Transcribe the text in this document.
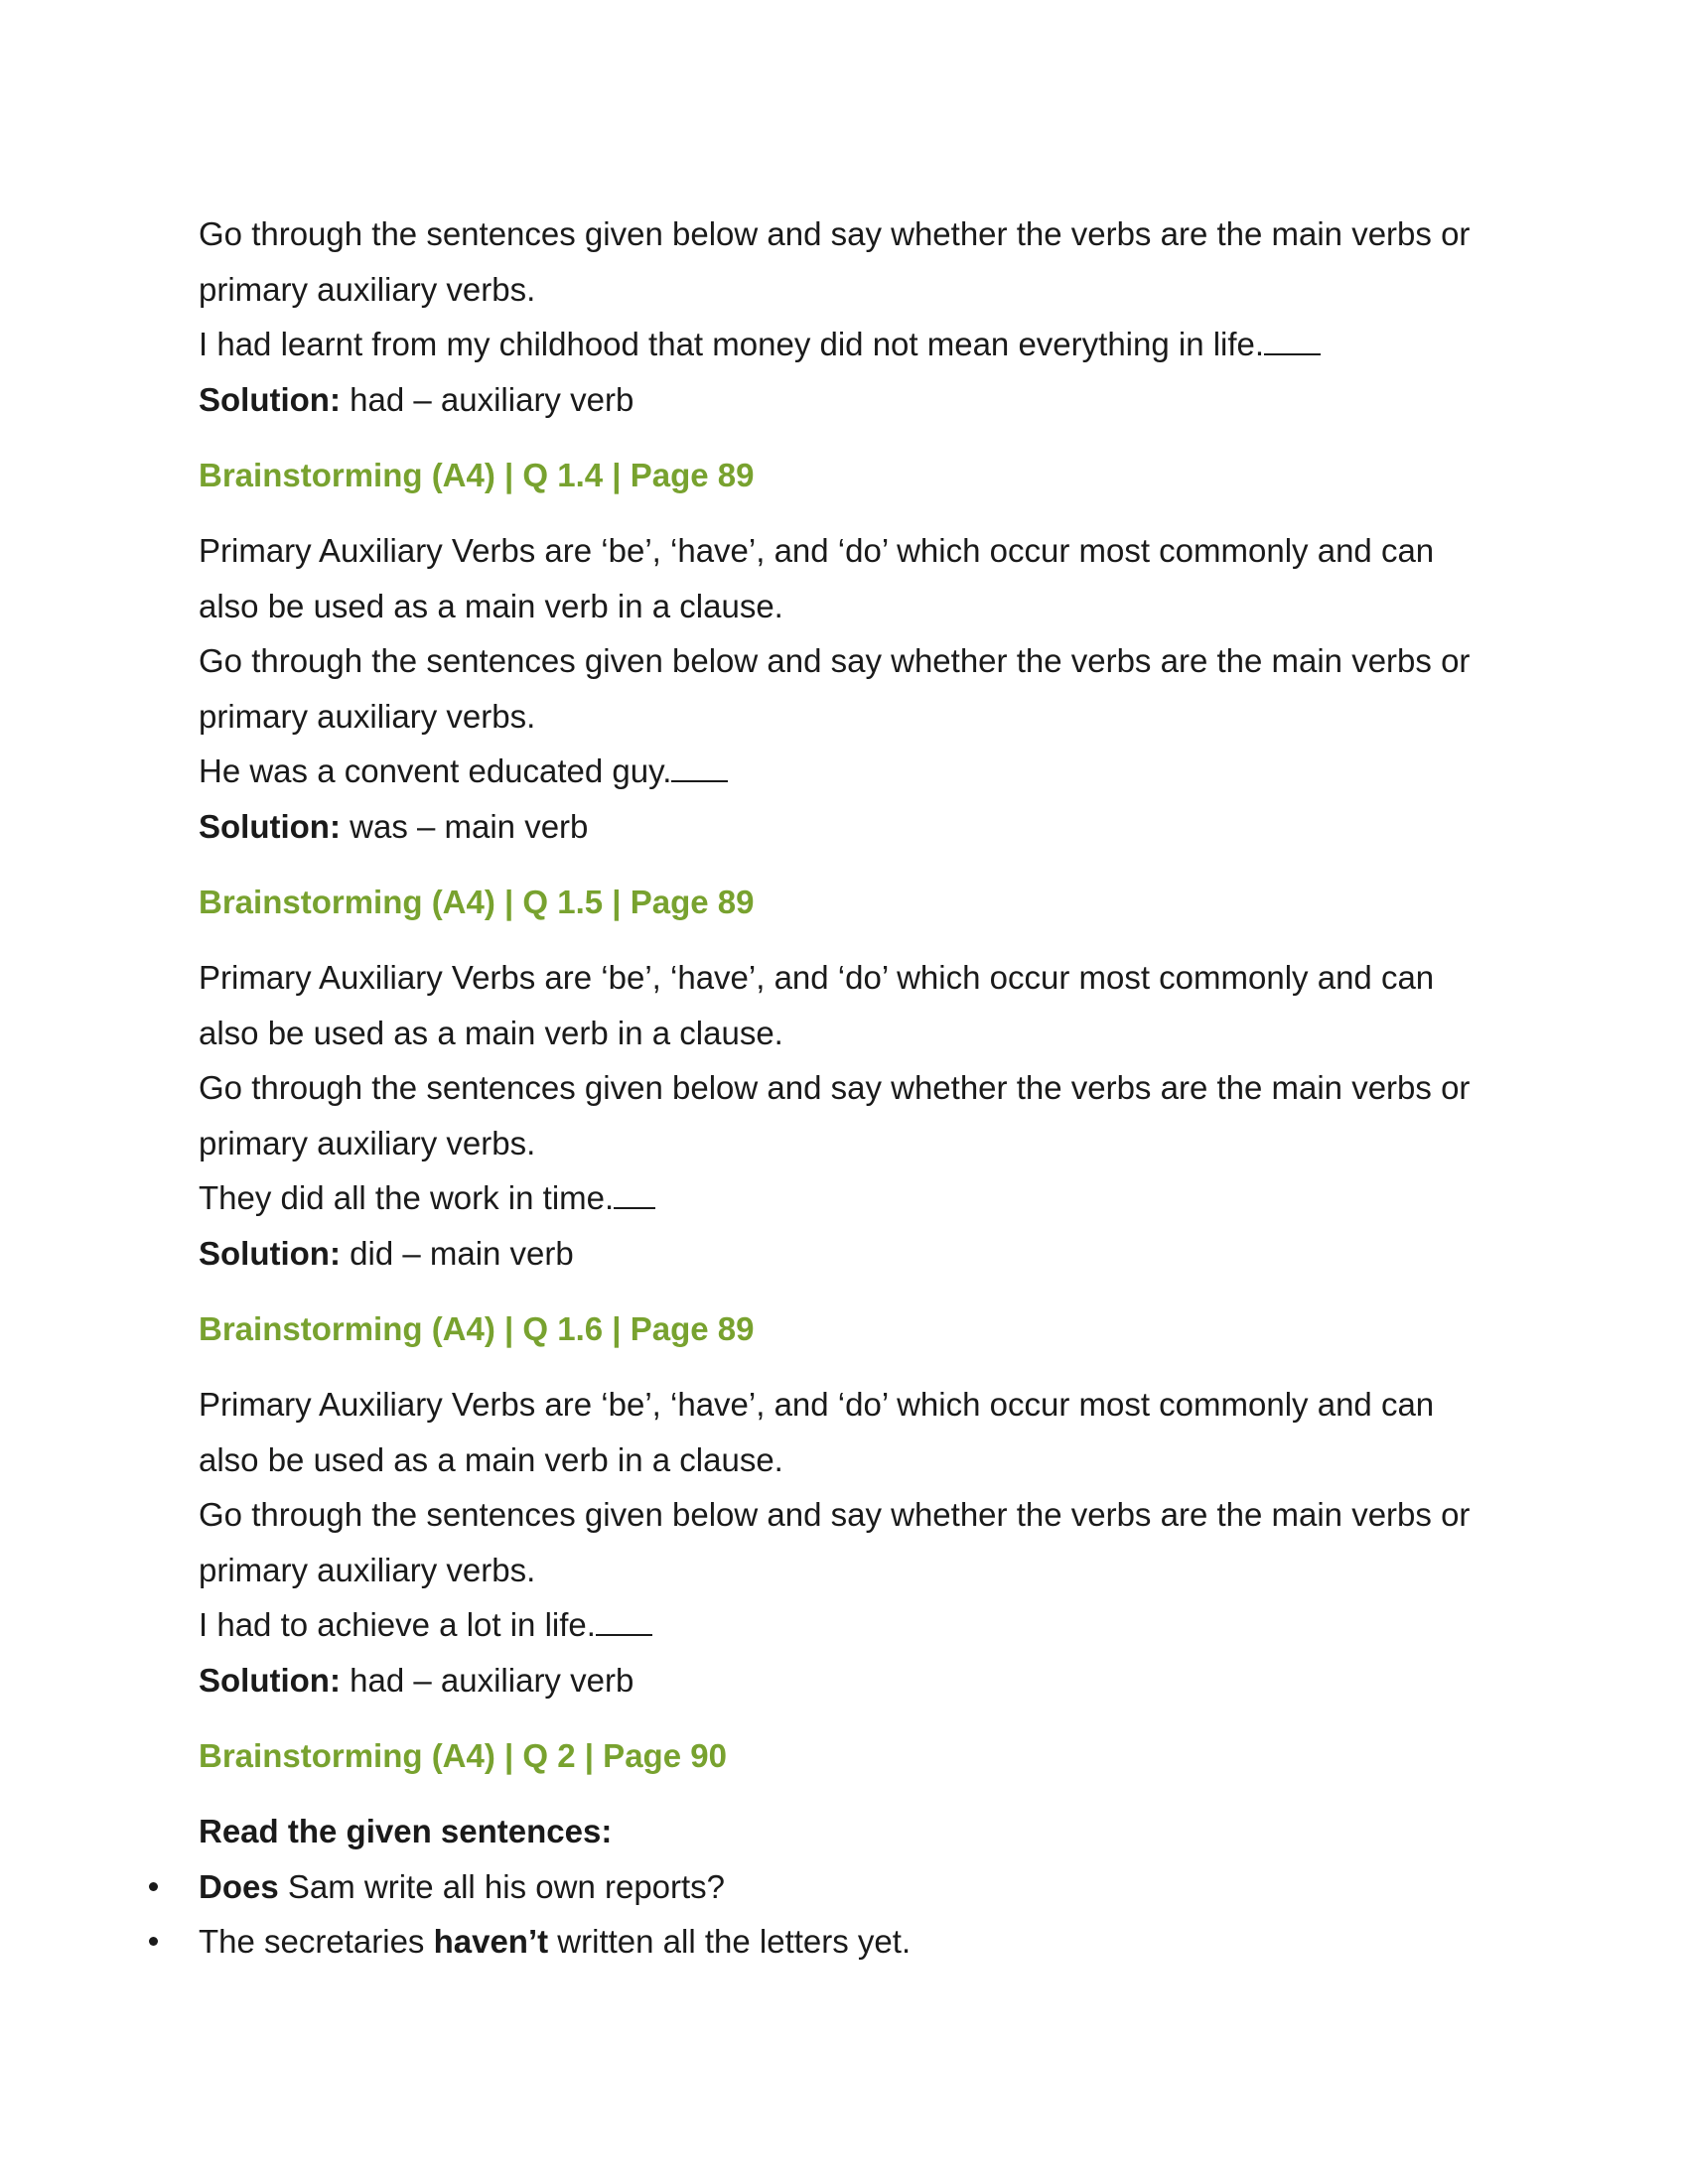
Go through the sentences given below and say whether the verbs are the main verbs or
primary auxiliary verbs.
I had learnt from my childhood that money did not mean everything in life.
Solution: had – auxiliary verb
Brainstorming (A4) | Q 1.4 | Page 89
Primary Auxiliary Verbs are ‘be’, ‘have’, and ‘do’ which occur most commonly and can
also be used as a main verb in a clause.
Go through the sentences given below and say whether the verbs are the main verbs or
primary auxiliary verbs.
He was a convent educated guy.
Solution: was – main verb
Brainstorming (A4) | Q 1.5 | Page 89
Primary Auxiliary Verbs are ‘be’, ‘have’, and ‘do’ which occur most commonly and can
also be used as a main verb in a clause.
Go through the sentences given below and say whether the verbs are the main verbs or
primary auxiliary verbs.
They did all the work in time.
Solution: did – main verb
Brainstorming (A4) | Q 1.6 | Page 89
Primary Auxiliary Verbs are ‘be’, ‘have’, and ‘do’ which occur most commonly and can
also be used as a main verb in a clause.
Go through the sentences given below and say whether the verbs are the main verbs or
primary auxiliary verbs.
I had to achieve a lot in life.
Solution: had – auxiliary verb
Brainstorming (A4) | Q 2 | Page 90
Read the given sentences:
Does Sam write all his own reports?
The secretaries haven’t written all the letters yet.
